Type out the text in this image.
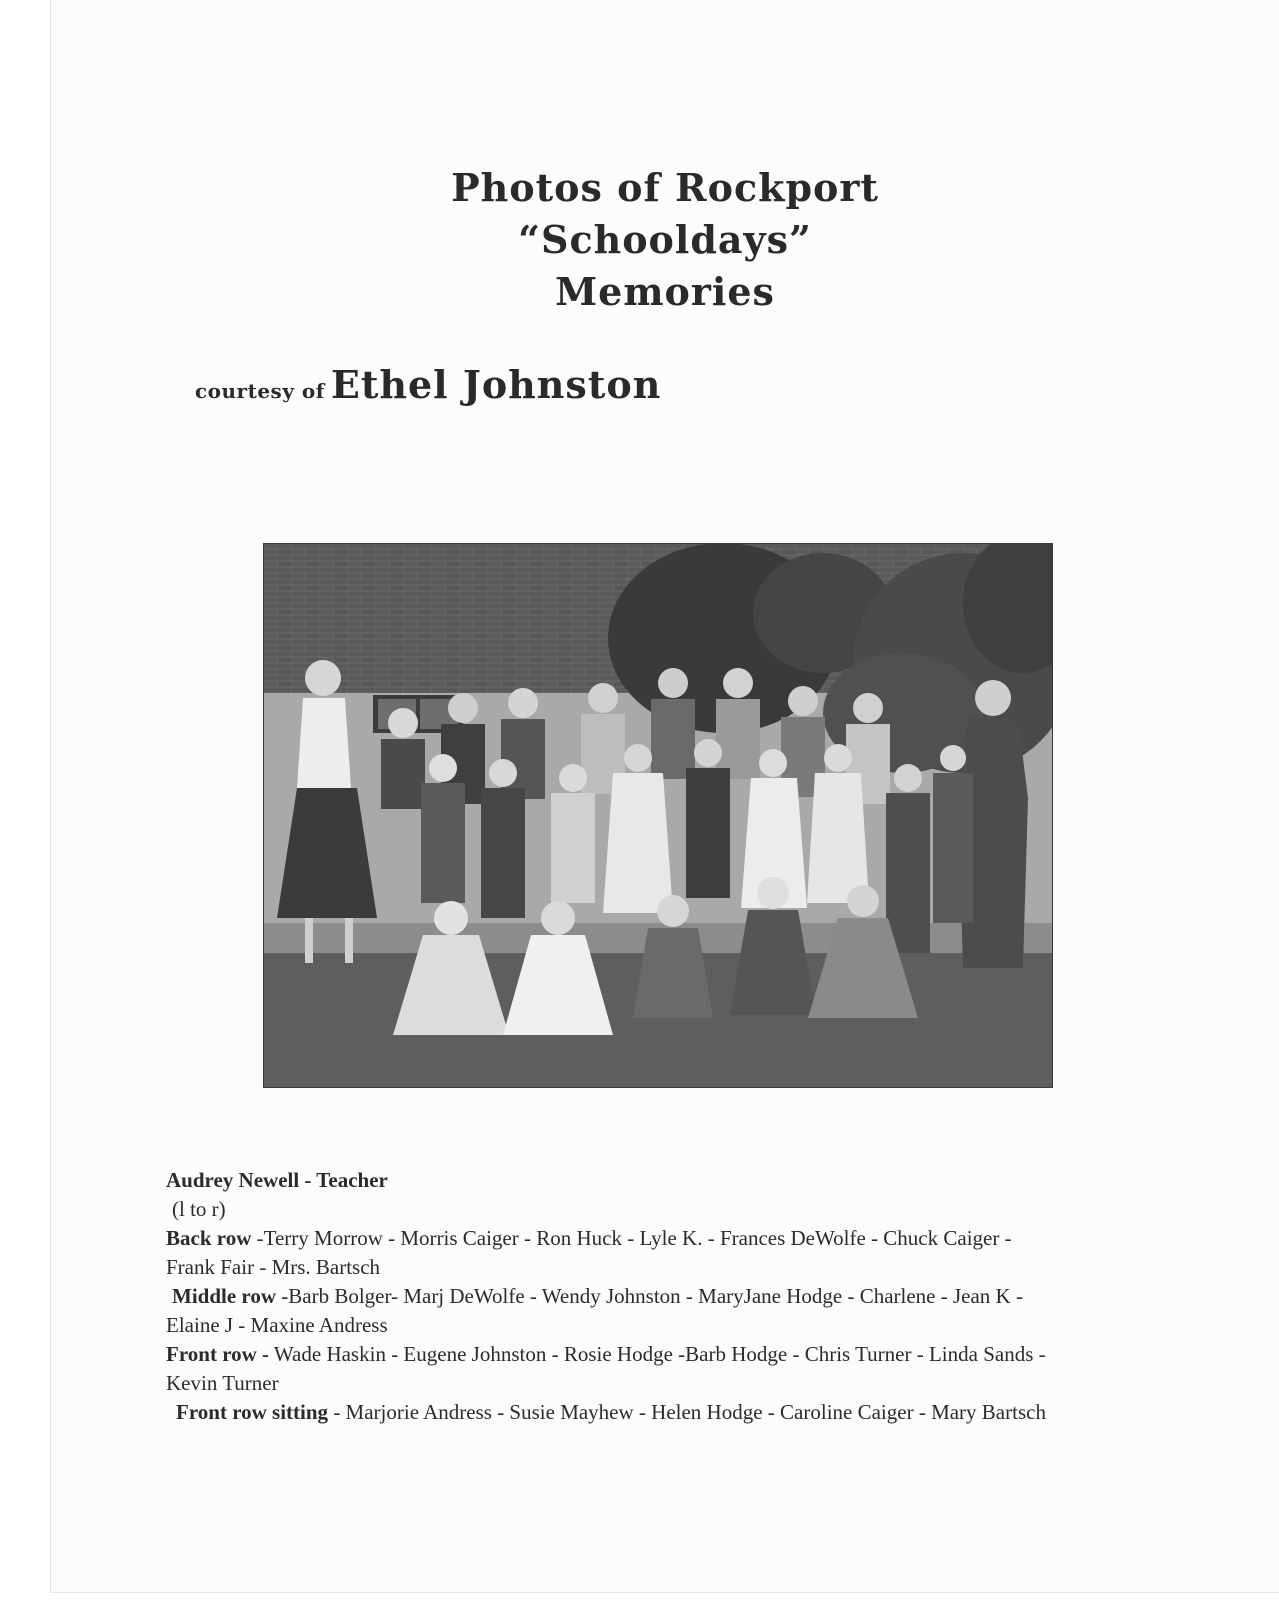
Photos of Rockport
“Schooldays”
Memories
courtesy of Ethel Johnston
Audrey Newell - Teacher
(l to r)
Back row -Terry Morrow - Morris Caiger - Ron Huck - Lyle K. - Frances DeWolfe - Chuck Caiger -
Frank Fair - Mrs. Bartsch
Middle row -Barb Bolger- Marj DeWolfe - Wendy Johnston - MaryJane Hodge - Charlene - Jean K -
Elaine J - Maxine Andress
Front row - Wade Haskin - Eugene Johnston - Rosie Hodge -Barb Hodge - Chris Turner - Linda Sands -
Kevin Turner
Front row sitting - Marjorie Andress - Susie Mayhew - Helen Hodge - Caroline Caiger - Mary Bartsch
